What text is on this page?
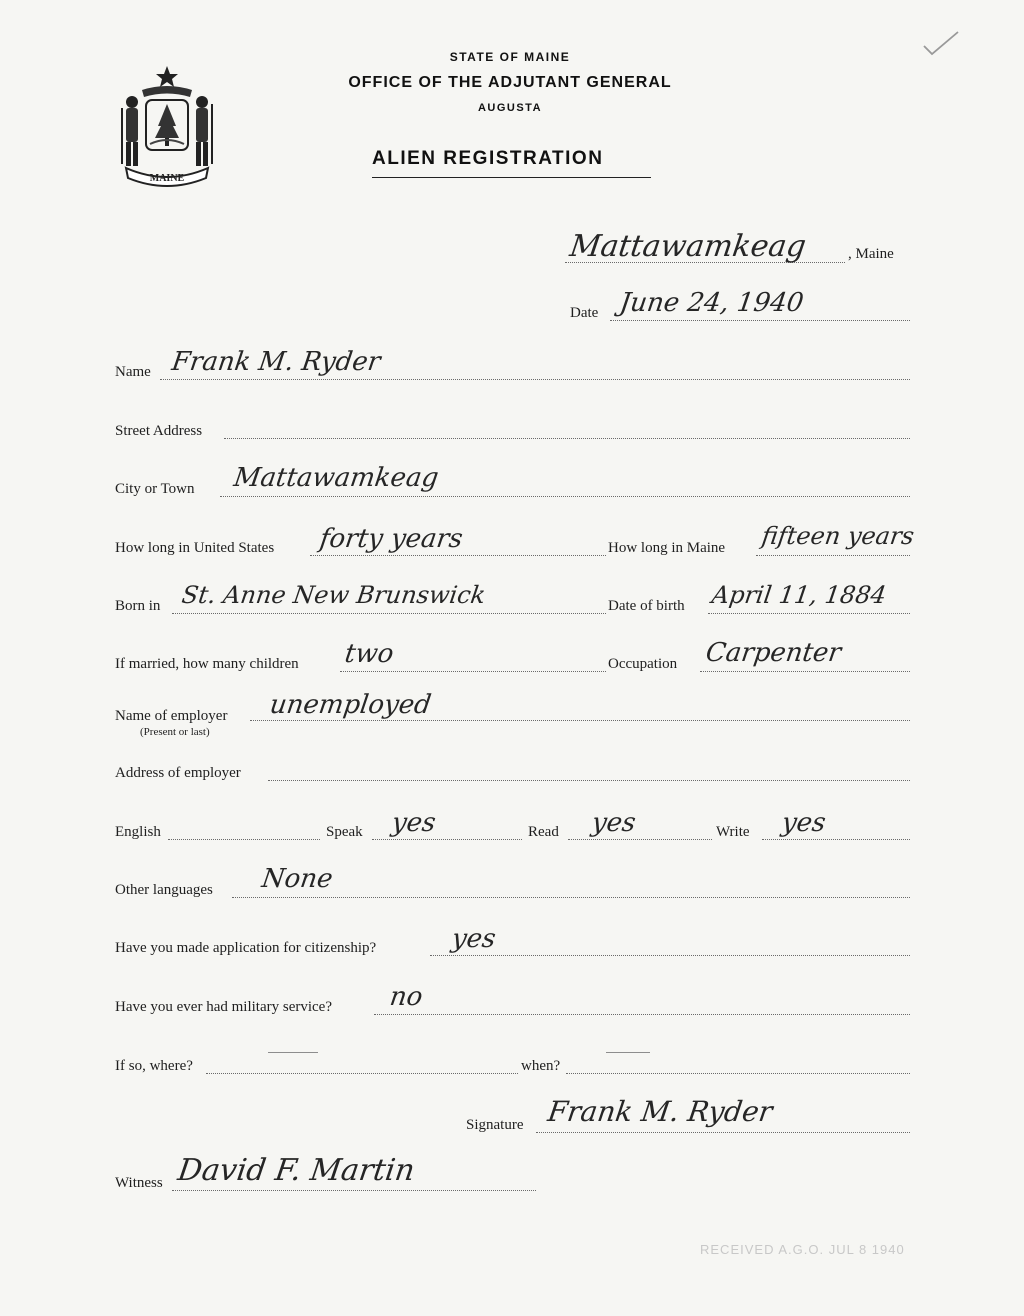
MAINE
STATE OF MAINE
OFFICE OF THE ADJUTANT GENERAL
AUGUSTA
ALIEN REGISTRATION
Mattawamkeag	, Maine
Date June 24, 1940
Name Frank M. Ryder
Street Address
City or Town Mattawamkeag
How long in United States forty years	How long in Maine fifteen years
Born in St. Anne New Brunswick	Date of birth April 11, 1884
If married, how many children two	Occupation Carpenter
Name of employer
(Present or last)
unemployed
Address of employer
English	Speak yes	Read yes	Write yes
Other languages None
Have you made application for citizenship?	yes
Have you ever had military service? no
If so, where?	when?
Signature Frank M. Ryder
Witness David F. Martin
RECEIVED A.G.O. JUL 8 1940
